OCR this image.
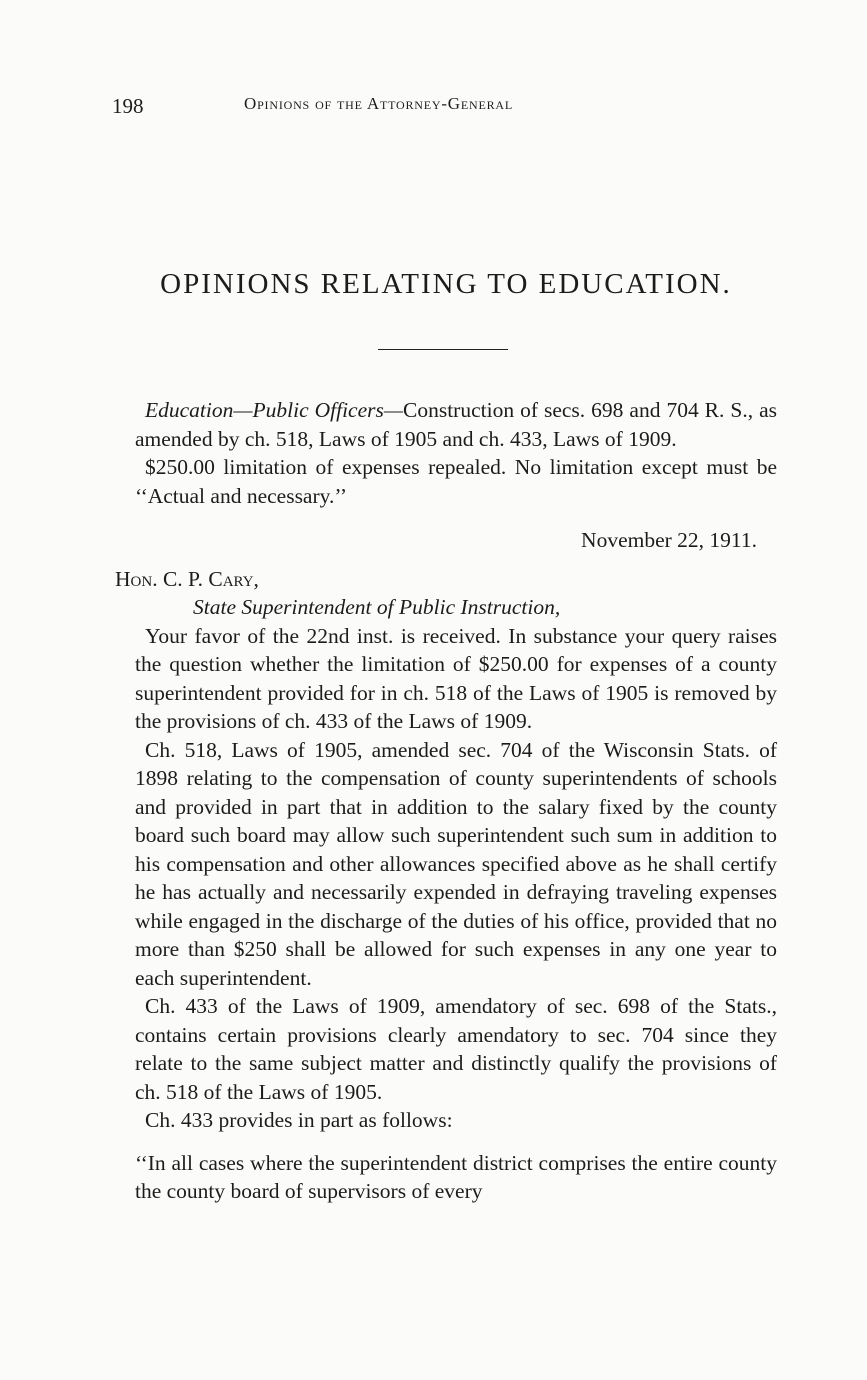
198	Opinions of the Attorney-General
OPINIONS RELATING TO EDUCATION.

Education—Public Officers—Construction of secs. 698 and 704 R. S., as amended by ch. 518, Laws of 1905 and ch. 433, Laws of 1909.

$250.00 limitation of expenses repealed. No limitation except must be ‘‘Actual and necessary.’’

November 22, 1911.

Hon. C. P. Cary,

State Superintendent of Public Instruction,

Your favor of the 22nd inst. is received. In substance your query raises the question whether the limitation of $250.00 for expenses of a county superintendent provided for in ch. 518 of the Laws of 1905 is removed by the provisions of ch. 433 of the Laws of 1909.

Ch. 518, Laws of 1905, amended sec. 704 of the Wisconsin Stats. of 1898 relating to the compensation of county superintendents of schools and provided in part that in addition to the salary fixed by the county board such board may allow such superintendent such sum in addition to his compensation and other allowances specified above as he shall certify he has actually and necessarily expended in defraying traveling expenses while engaged in the discharge of the duties of his office, provided that no more than $250 shall be allowed for such expenses in any one year to each superintendent.

Ch. 433 of the Laws of 1909, amendatory of sec. 698 of the Stats., contains certain provisions clearly amendatory to sec. 704 since they relate to the same subject matter and distinctly qualify the provisions of ch. 518 of the Laws of 1905.

Ch. 433 provides in part as follows:

‘‘In all cases where the superintendent district comprises the entire county the county board of supervisors of every
